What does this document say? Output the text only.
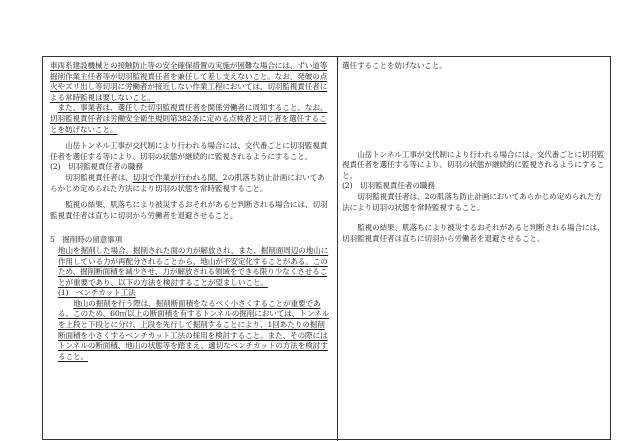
車両系建設機械との接触防止等の安全確保措置の実施が困難な場合には、ずい道等掘削作業主任者等が切羽監視責任者を兼任して差し支えないこと。なお、発破の点火やズリ出し等切羽に労働者が接近しない作業工程においては、切羽監視責任者による常時監視は要しないこと。

また、事業者は、選任した切羽監視責任者を関係労働者に周知すること。なお、切羽監視責任者は労働安全衛生規則第382条に定める点検者と同じ者を選任することを妨げないこと。

山岳トンネル工事が交代制により行われる場合には、交代番ごとに切羽監視責任者を選任する等により、切羽の状態が継続的に監視されるようにすること。

(2)　切羽監視責任者の職務

切羽監視責任者は、切羽で作業が行われる間、2の肌落ち防止計画においてあらかじめ定められた方法により切羽の状態を常時監視すること。

監視の結果、肌落ちにより被災するおそれがあると判断される場合には、切羽監視責任者は直ちに切羽から労働者を退避させること。

5　掘削時の留意事項

地山を掘削した場合、掘削された面の力が解放され、また、掘削面周辺の地山に作用している力が再配分されることから、地山が不安定化することがある。このため、掘削断面積を減少させ、力が解放される領域をできる限り少なくさせることが重要であり、以下の方法を検討することが望ましいこと。

(1)　ベンチカット工法

地山の掘削を行う際は、掘削断面積をなるべく小さくすることが重要である。このため、60㎡以上の断面積を有するトンネルの掘削においては、トンネルを上段と下段とに分け、上段を先行して掘削することにより、1回あたりの掘削断面積を小さくするベンチカット工法の採用を検討すること。また、その際にはトンネルの断面積、地山の状態等を踏まえ、適切なベンチカットの方法を検討すること。

選任することを妨げないこと。

山岳トンネル工事が交代制により行われる場合には、交代番ごとに切羽監視責任者を選任する等により、切羽の状態が継続的に監視されるようにすること。

(2)　切羽監視責任者の職務

切羽監視責任者は、2の肌落ち防止計画においてあらかじめ定められた方法により切羽の状態を常時監視すること。

監視の結果、肌落ちにより被災するおそれがあると判断される場合には、切羽監視責任者は直ちに切羽から労働者を退避させること。
